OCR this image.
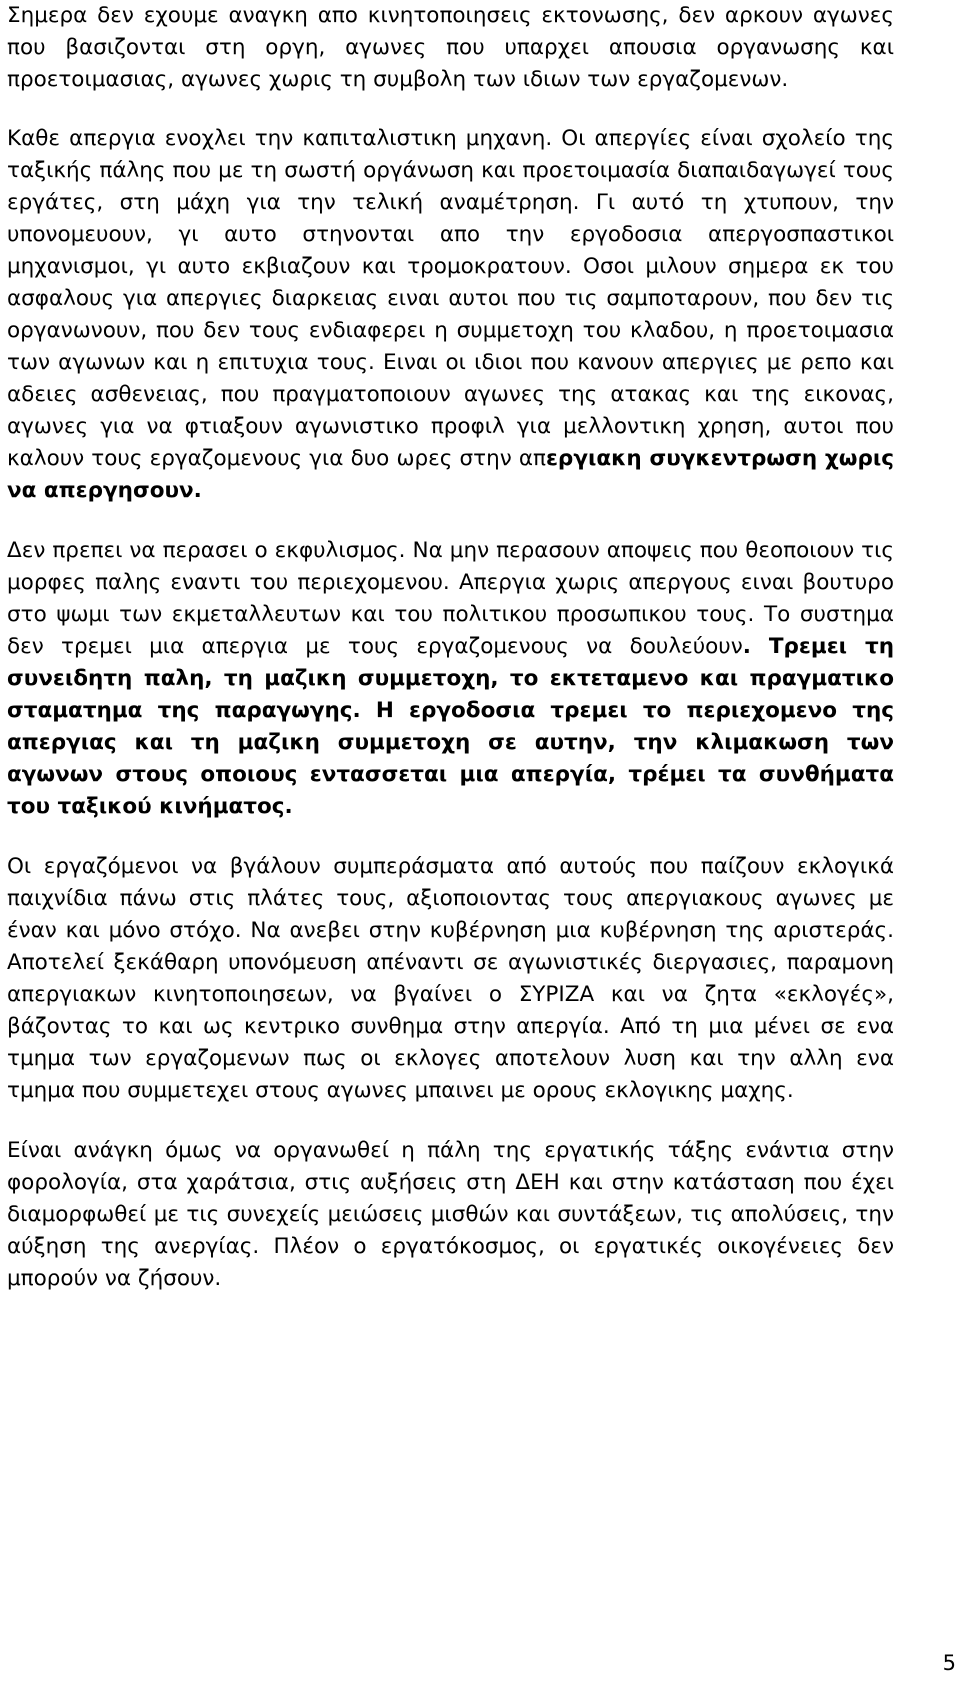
Σημερα δεν εχουμε αναγκη απο κινητοποιησεις εκτονωσης, δεν αρκουν αγωνες που βασιζονται στη οργη, αγωνες που υπαρχει απουσια οργανωσης και προετοιμασιας, αγωνες χωρις τη συμβολη των ιδιων των εργαζομενων.

Καθε απεργια ενοχλει την καπιταλιστικη μηχανη. Οι απεργίες είναι σχολείο της ταξικής πάλης που με τη σωστή οργάνωση και προετοιμασία διαπαιδαγωγεί τους εργάτες, στη μάχη για την τελική αναμέτρηση. Γι αυτό τη χτυπουν, την υπονομευουν, γι αυτο στηνονται απο την εργοδοσια απεργοσπαστικοι μηχανισμοι, γι αυτο εκβιαζουν και τρομοκρατουν. Οσοι μιλουν σημερα εκ του ασφαλους για απεργιες διαρκειας ειναι αυτοι που τις σαμποταρουν, που δεν τις οργανωνουν, που δεν τους ενδιαφερει η συμμετοχη του κλαδου, η προετοιμασια των αγωνων και η επιτυχια τους. Ειναι οι ιδιοι που κανουν απεργιες με ρεπο και αδειες ασθενειας, που πραγματοποιουν αγωνες της ατακας και της εικονας, αγωνες για να φτιαξουν αγωνιστικο προφιλ για μελλοντικη χρηση, αυτοι που καλουν τους εργαζομενους για δυο ωρες στην απεργιακη συγκεντρωση χωρις να απεργησουν.

Δεν πρεπει να περασει ο εκφυλισμος. Να μην περασουν αποψεις που θεοποιουν τις μορφες παλης εναντι του περιεχομενου. Απεργια χωρις απεργους ειναι βουτυρο στο ψωμι των εκμεταλλευτων και του πολιτικου προσωπικου τους. Το συστημα δεν τρεμει μια απεργια με τους εργαζομενους να δουλεύουν. Τρεμει τη συνειδητη παλη, τη μαζικη συμμετοχη, το εκτεταμενο και πραγματικο σταματημα της παραγωγης. Η εργοδοσια τρεμει το περιεχομενο της απεργιας και τη μαζικη συμμετοχη σε αυτην, την κλιμακωση των αγωνων στους οποιους εντασσεται μια απεργία, τρέμει τα συνθήματα του ταξικού κινήματος.

Οι εργαζόμενοι να βγάλουν συμπεράσματα από αυτούς που παίζουν εκλογικά παιχνίδια πάνω στις πλάτες τους, αξιοποιοντας τους απεργιακους αγωνες με έναν και μόνο στόχο. Να ανεβει στην κυβέρνηση μια κυβέρνηση της αριστεράς. Αποτελεί ξεκάθαρη υπονόμευση απέναντι σε αγωνιστικές διεργασιες, παραμονη απεργιακων κινητοποιησεων, να βγαίνει ο ΣΥΡΙΖΑ και να ζητα «εκλογές», βάζοντας το και ως κεντρικο συνθημα στην απεργία. Από τη μια μένει σε ενα τμημα των εργαζομενων πως οι εκλογες αποτελουν λυση και την αλλη ενα τμημα που συμμετεχει στους αγωνες μπαινει με ορους εκλογικης μαχης.

Είναι ανάγκη όμως να οργανωθεί η πάλη της εργατικής τάξης ενάντια στην φορολογία, στα χαράτσια, στις αυξήσεις στη ΔΕΗ και στην κατάσταση που έχει διαμορφωθεί με τις συνεχείς μειώσεις μισθών και συντάξεων, τις απολύσεις, την αύξηση της ανεργίας. Πλέον ο εργατόκοσμος, οι εργατικές οικογένειες δεν μπορούν να ζήσουν.

5
